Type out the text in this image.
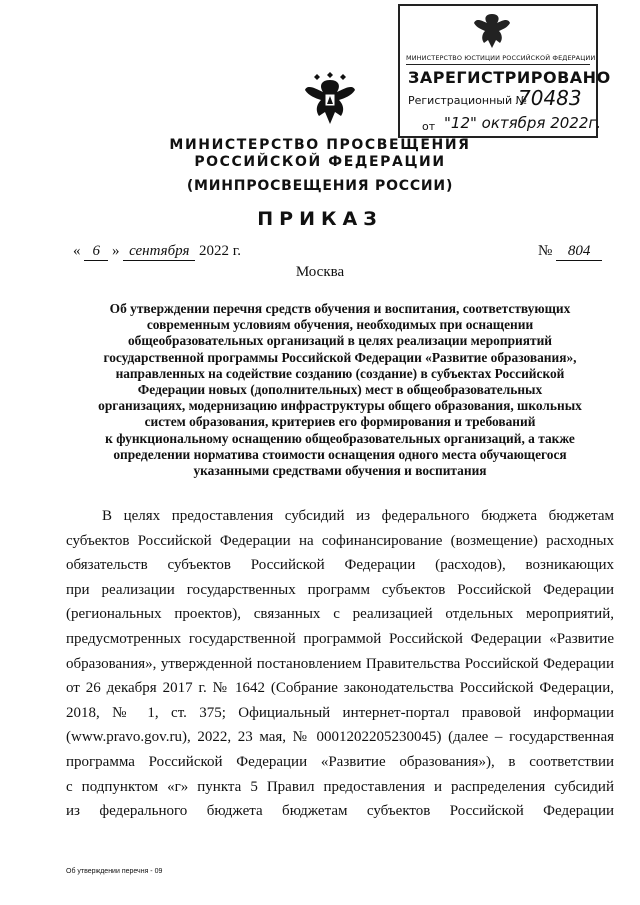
МИНИСТЕРСТВО ЮСТИЦИИ РОССИЙСКОЙ ФЕДЕРАЦИИ
ЗАРЕГИСТРИРОВАНО
Регистрационный №
70483
от "12" октября 2022г.
МИНИСТЕРСТВО ПРОСВЕЩЕНИЯ
РОССИЙСКОЙ ФЕДЕРАЦИИ
(МИНПРОСВЕЩЕНИЯ РОССИИ)
ПРИКАЗ
« 6 » сентября 2022 г.	№ 804
Москва
Об утверждении перечня средств обучения и воспитания, соответствующих
современным условиям обучения, необходимых при оснащении
общеобразовательных организаций в целях реализации мероприятий
государственной программы Российской Федерации «Развитие образования»,
направленных на содействие созданию (создание) в субъектах Российской
Федерации новых (дополнительных) мест в общеобразовательных
организациях, модернизацию инфраструктуры общего образования, школьных
систем образования, критериев его формирования и требований
к функциональному оснащению общеобразовательных организаций, а также
определении норматива стоимости оснащения одного места обучающегося
указанными средствами обучения и воспитания
В целях предоставления субсидий из федерального бюджета бюджетам
субъектов Российской Федерации на софинансирование (возмещение) расходных
обязательств субъектов Российской Федерации (расходов), возникающих
при реализации государственных программ субъектов Российской Федерации
(региональных проектов), связанных с реализацией отдельных мероприятий,
предусмотренных государственной программой Российской Федерации «Развитие
образования», утвержденной постановлением Правительства Российской Федерации
от 26 декабря 2017 г. № 1642 (Собрание законодательства Российской Федерации,
2018, № 1, ст. 375; Официальный интернет-портал правовой информации
(www.pravo.gov.ru), 2022, 23 мая, № 0001202205230045) (далее – государственная
программа Российской Федерации «Развитие образования»), в соответствии
с подпунктом «г» пункта 5 Правил предоставления и распределения субсидий
из федерального бюджета бюджетам субъектов Российской Федерации
Об утверждении перечня - 09
